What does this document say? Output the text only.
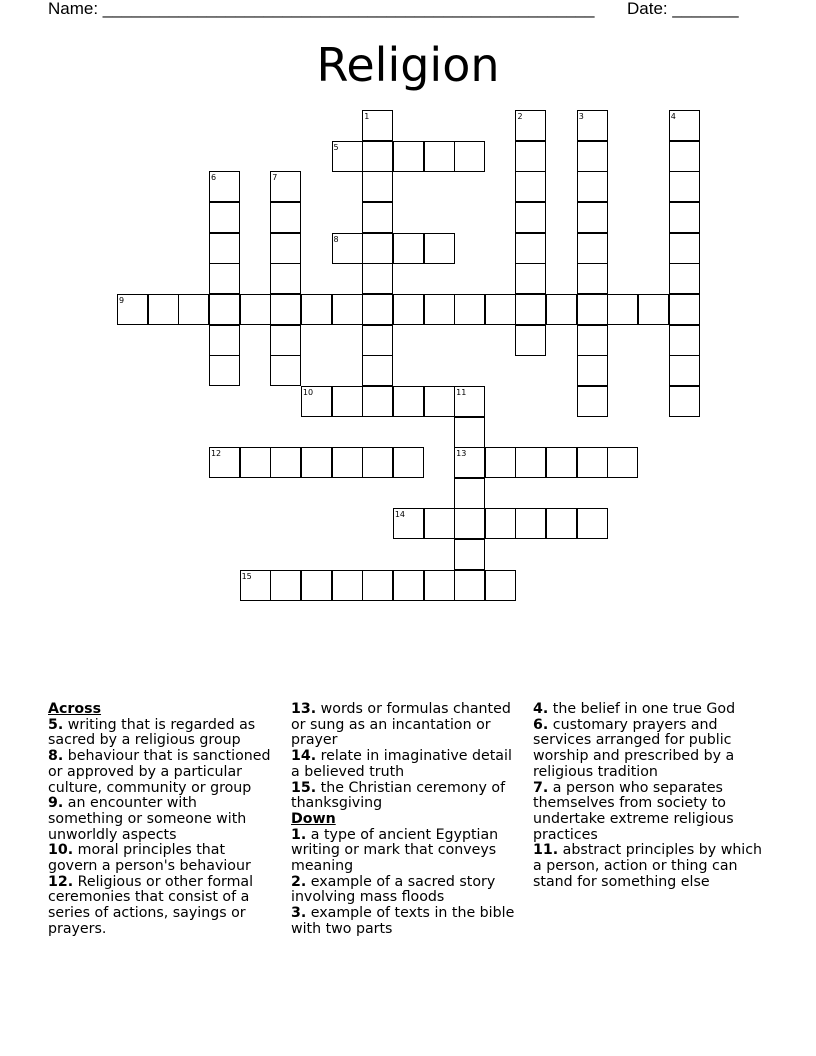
Name: ____________________________________________________ Date: _______
Religion
1	2	3	4
5
6	7
8
9
10	11
13
12
14
15
Across
5. writing that is regarded as sacred by a religious group
8. behaviour that is sanctioned or approved by a particular culture, community or group
9. an encounter with something or someone with unworldly aspects
10. moral principles that govern a person's behaviour
12. Religious or other formal ceremonies that consist of a series of actions, sayings or prayers.
13. words or formulas chanted or sung as an incantation or prayer
14. relate in imaginative detail a believed truth
15. the Christian ceremony of thanksgiving
Down
1. a type of ancient Egyptian writing or mark that conveys meaning
2. example of a sacred story involving mass floods
3. example of texts in the bible with two parts
4. the belief in one true God
6. customary prayers and services arranged for public worship and prescribed by a religious tradition
7. a person who separates themselves from society to undertake extreme religious practices
11. abstract principles by which a person, action or thing can stand for something else
